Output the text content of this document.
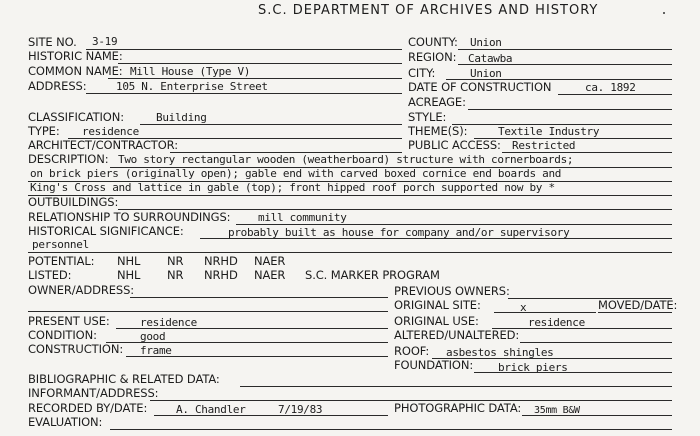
S.C. DEPARTMENT OF ARCHIVES AND HISTORY
SITE NO. 3-19	COUNTY: Union
HISTORIC NAME:	REGION: Catawba
COMMON NAME: Mill House (Type V)	CITY:	Union
ADDRESS:	105 N. Enterprise Street	DATE OF CONSTRUCTION	ca. 1892
ACREAGE:
CLASSIFICATION:	Building	STYLE:
TYPE: residence	THEME(S):	Textile Industry
ARCHITECT/CONTRACTOR:	PUBLIC ACCESS: Restricted
DESCRIPTION: Two story rectangular wooden (weatherboard) structure with cornerboards;
on brick piers (originally open); gable end with carved boxed cornice end boards and
King's Cross and lattice in gable (top); front hipped roof porch supported now by *
OUTBUILDINGS:
RELATIONSHIP TO SURROUNDINGS:	mill community
HISTORICAL SIGNIFICANCE:	probably built as house for company and/or supervisory
personnel
POTENTIAL: NHL NR NRHD NAER
LISTED:	NHL NR NRHD NAER S.C. MARKER PROGRAM
OWNER/ADDRESS:	PREVIOUS OWNERS:
ORIGINAL SITE:	x	MOVED/DATE:
PRESENT USE:	residence	ORIGINAL USE:	residence
CONDITION:	good	ALTERED/UNALTERED:
CONSTRUCTION: frame	ROOF: asbestos shingles
FOUNDATION: brick piers
BIBLIOGRAPHIC & RELATED DATA:
INFORMANT/ADDRESS:
RECORDED BY/DATE:	A. Chandler	7/19/83	PHOTOGRAPHIC DATA: 35mm B&W
EVALUATION:
